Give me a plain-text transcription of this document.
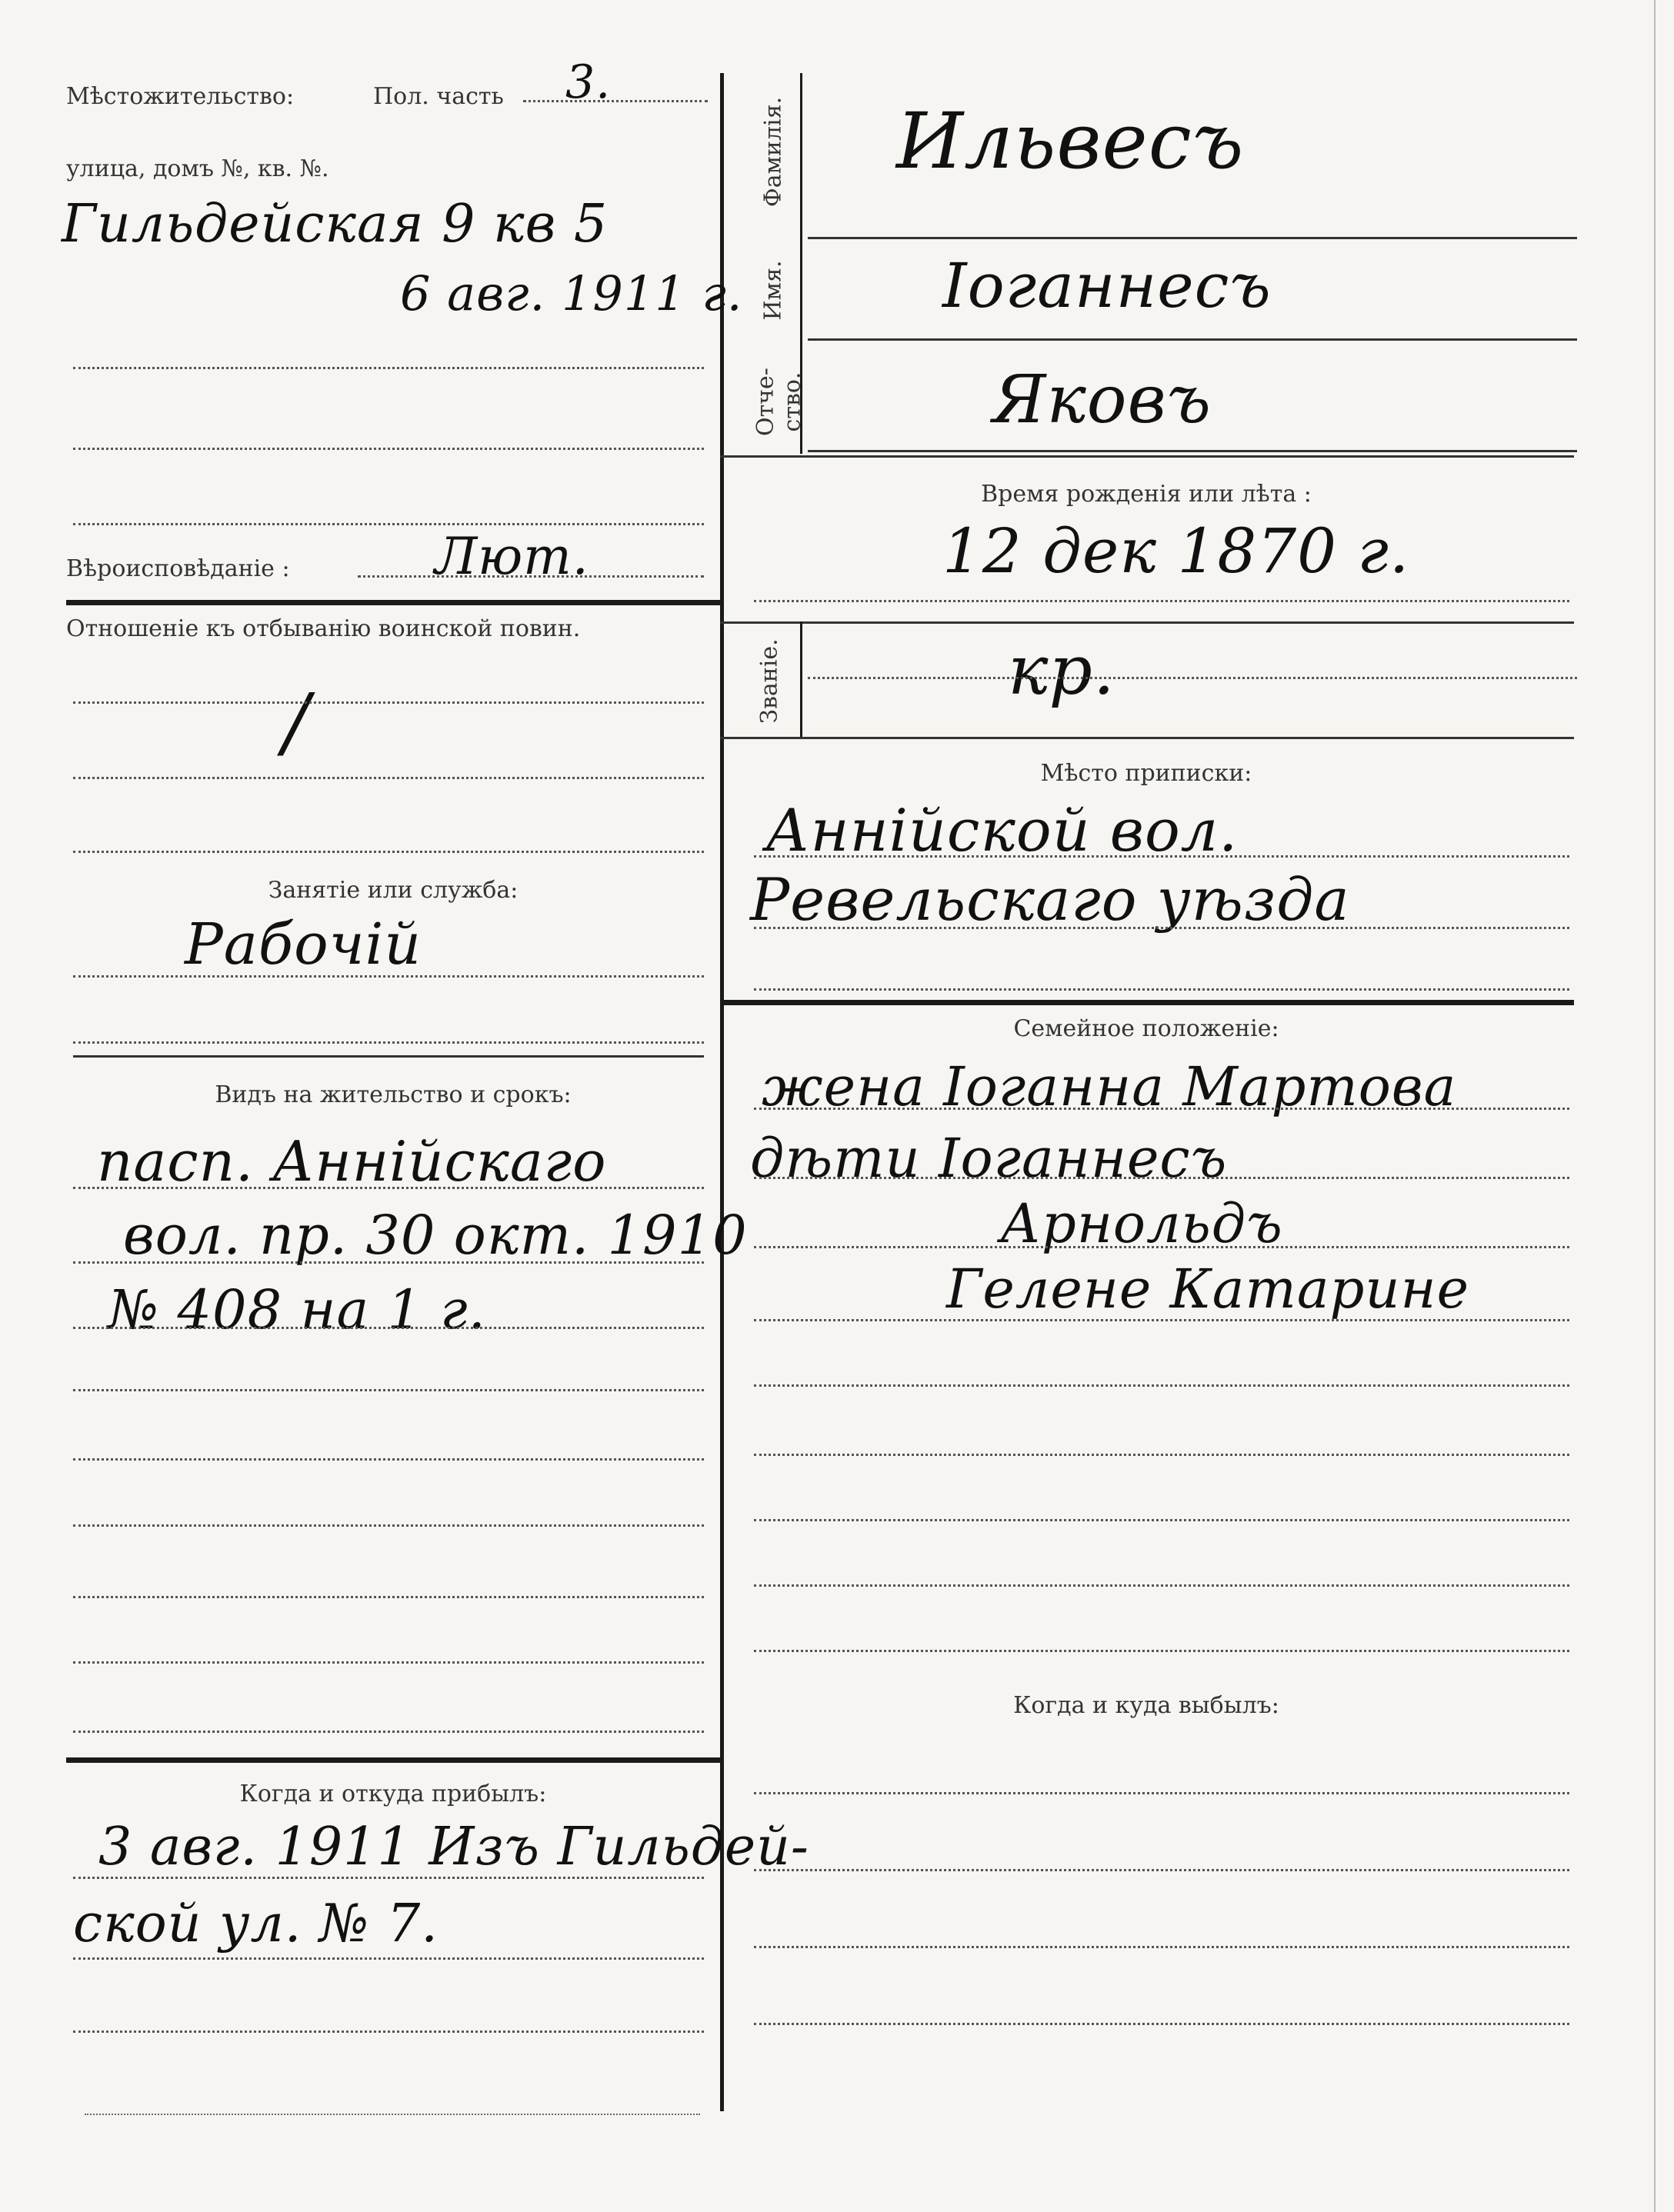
Мѣстожительство:	Пол. часть 3.
улица, домъ №, кв. №.
Гильдейская 9 кв 5
6 авг. 1911 г.
Вѣроисповѣданіе :	Лют.
Отношеніе къ отбыванію воинской повин.
/
Занятіе или служба:
Рабочій
Видъ на жительство и срокъ:
пасп. Аннійскаго
вол. пр. 30 окт. 1910
№ 408 на 1 г.
Когда и откуда прибылъ:
3 авг. 1911 Изъ Гильдей-
ской ул. № 7.
Фамилія. Ильвесъ
Имя.	Іоганнесъ
Отче- ство.	Яковъ
Время рожденія или лѣта :
12 дек 1870 г.
Званіе.	кр.
Мѣсто приписки:
Аннійской вол.
Ревельскаго уѣзда
Семейное положеніе:
жена Іоганна Мартова
дѣти Іоганнесъ
Арнольдъ
Гелене Катарине
Когда и куда выбылъ:
